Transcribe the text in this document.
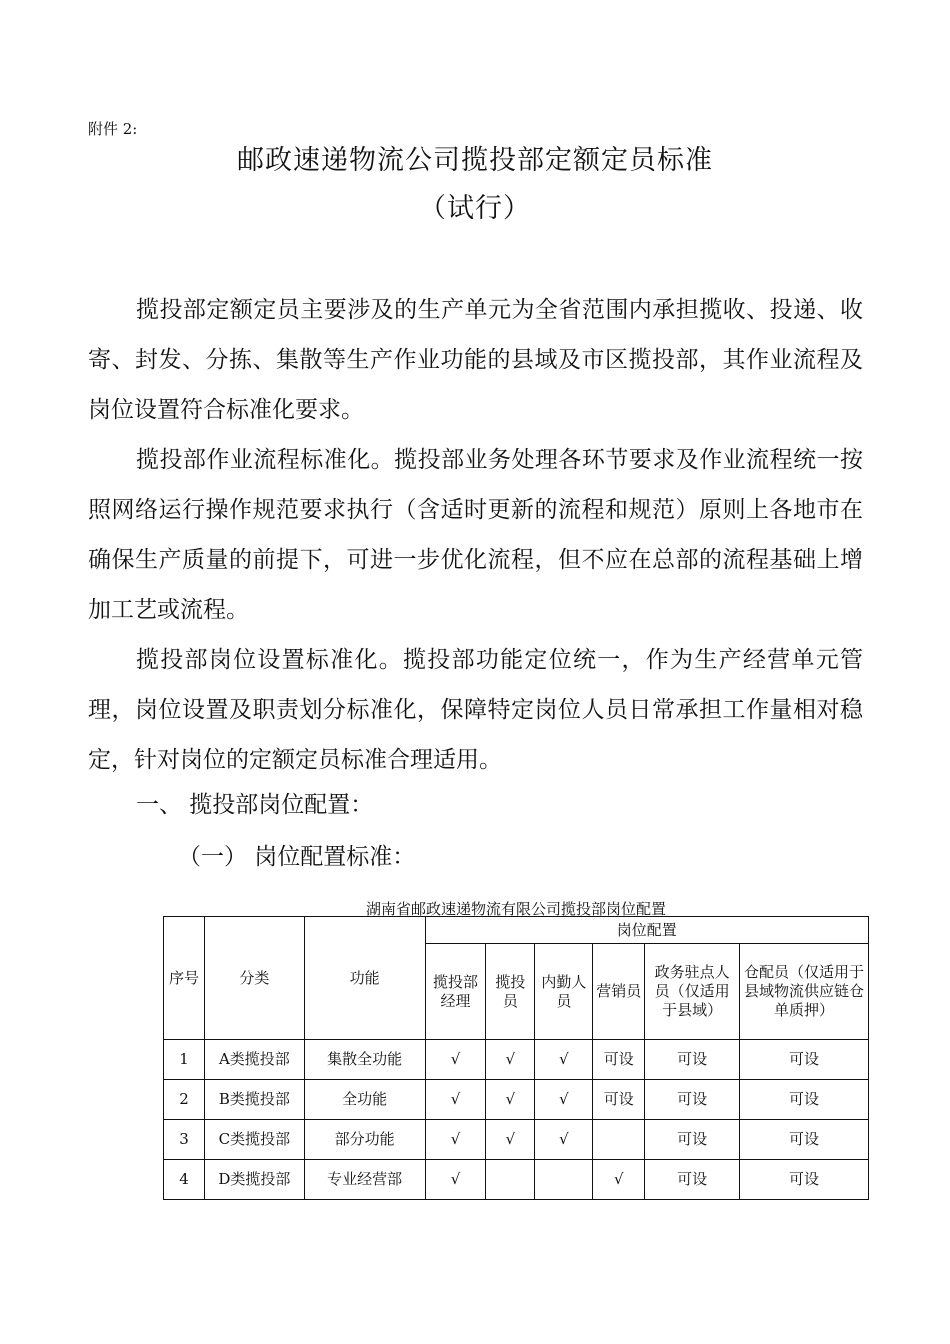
附件 2:
邮政速递物流公司揽投部定额定员标准
（试行）
揽投部定额定员主要涉及的生产单元为全省范围内承担揽收、投递、收寄、封发、分拣、集散等生产作业功能的县域及市区揽投部，其作业流程及岗位设置符合标准化要求。
揽投部作业流程标准化。揽投部业务处理各环节要求及作业流程统一按照网络运行操作规范要求执行（含适时更新的流程和规范）原则上各地市在确保生产质量的前提下，可进一步优化流程，但不应在总部的流程基础上增加工艺或流程。
揽投部岗位设置标准化。揽投部功能定位统一，作为生产经营单元管理，岗位设置及职责划分标准化，保障特定岗位人员日常承担工作量相对稳定，针对岗位的定额定员标准合理适用。
一、 揽投部岗位配置：
（一） 岗位配置标准：
湖南省邮政速递物流有限公司揽投部岗位配置
序号	分类	功能	岗位配置					
			揽投部经理	揽投员	内勤人员	营销员	政务驻点人员（仅适用于县域）	仓配员（仅适用于县域物流供应链仓单质押）
1	A类揽投部	集散全功能	√	√	√	可设	可设	可设
2	B类揽投部	全功能	√	√	√	可设	可设	可设
3	C类揽投部	部分功能	√	√	√		可设	可设
4	D类揽投部	专业经营部	√			√	可设	可设
